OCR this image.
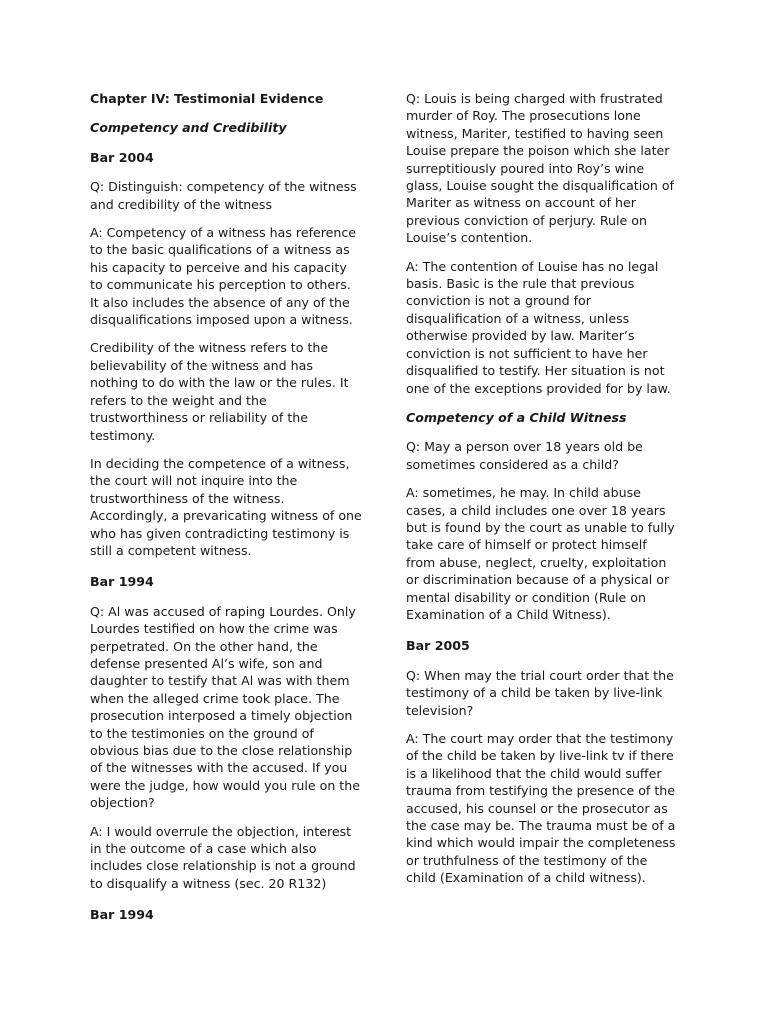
Chapter IV: Testimonial Evidence
Competency and Credibility
Bar 2004

Q: Distinguish: competency of the witness and credibility of the witness

A: Competency of a witness has reference to the basic qualifications of a witness as his capacity to perceive and his capacity to communicate his perception to others. It also includes the absence of any of the disqualifications imposed upon a witness.

Credibility of the witness refers to the believability of the witness and has nothing to do with the law or the rules. It refers to the weight and the trustworthiness or reliability of the testimony.

In deciding the competence of a witness, the court will not inquire into the trustworthiness of the witness. Accordingly, a prevaricating witness of one who has given contradicting testimony is still a competent witness.

Bar 1994

Q: Al was accused of raping Lourdes. Only Lourdes testified on how the crime was perpetrated. On the other hand, the defense presented Al’s wife, son and daughter to testify that Al was with them when the alleged crime took place. The prosecution interposed a timely objection to the testimonies on the ground of obvious bias due to the close relationship of the witnesses with the accused. If you were the judge, how would you rule on the objection?

A: I would overrule the objection, interest in the outcome of a case which also includes close relationship is not a ground to disqualify a witness (sec. 20 R132)

Bar 1994

Q: Louis is being charged with frustrated murder of Roy. The prosecutions lone witness, Mariter, testified to having seen Louise prepare the poison which she later surreptitiously poured into Roy’s wine glass, Louise sought the disqualification of Mariter as witness on account of her previous conviction of perjury. Rule on Louise’s contention.

A: The contention of Louise has no legal basis. Basic is the rule that previous conviction is not a ground for disqualification of a witness, unless otherwise provided by law. Mariter’s conviction is not sufficient to have her disqualified to testify. Her situation is not one of the exceptions provided for by law.

Competency of a Child Witness

Q: May a person over 18 years old be sometimes considered as a child?

A: sometimes, he may. In child abuse cases, a child includes one over 18 years but is found by the court as unable to fully take care of himself or protect himself from abuse, neglect, cruelty, exploitation or discrimination because of a physical or mental disability or condition (Rule on Examination of a Child Witness).

Bar 2005

Q: When may the trial court order that the testimony of a child be taken by live-link television?

A: The court may order that the testimony of the child be taken by live-link tv if there is a likelihood that the child would suffer trauma from testifying the presence of the accused, his counsel or the prosecutor as the case may be. The trauma must be of a kind which would impair the completeness or truthfulness of the testimony of the child (Examination of a child witness).
